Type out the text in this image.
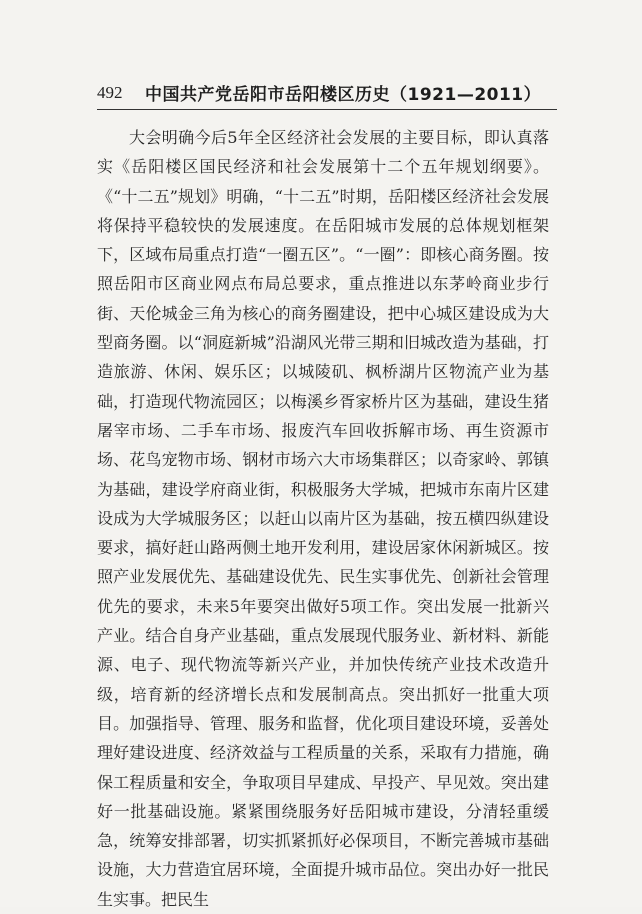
492 中国共产党岳阳市岳阳楼区历史（1921—2011）

大会明确今后5年全区经济社会发展的主要目标，即认真落实《岳阳楼区国民经济和社会发展第十二个五年规划纲要》。《“十二五”规划》明确，“十二五”时期，岳阳楼区经济社会发展将保持平稳较快的发展速度。在岳阳城市发展的总体规划框架下，区域布局重点打造“一圈五区”。“一圈”：即核心商务圈。按照岳阳市区商业网点布局总要求，重点推进以东茅岭商业步行街、天伦城金三角为核心的商务圈建设，把中心城区建设成为大型商务圈。以“洞庭新城”沿湖风光带三期和旧城改造为基础，打造旅游、休闲、娱乐区；以城陵矶、枫桥湖片区物流产业为基础，打造现代物流园区；以梅溪乡胥家桥片区为基础，建设生猪屠宰市场、二手车市场、报废汽车回收拆解市场、再生资源市场、花鸟宠物市场、钢材市场六大市场集群区；以奇家岭、郭镇为基础，建设学府商业街，积极服务大学城，把城市东南片区建设成为大学城服务区；以赶山以南片区为基础，按五横四纵建设要求，搞好赶山路两侧土地开发利用，建设居家休闲新城区。按照产业发展优先、基础建设优先、民生实事优先、创新社会管理优先的要求，未来5年要突出做好5项工作。突出发展一批新兴产业。结合自身产业基础，重点发展现代服务业、新材料、新能源、电子、现代物流等新兴产业，并加快传统产业技术改造升级，培育新的经济增长点和发展制高点。突出抓好一批重大项目。加强指导、管理、服务和监督，优化项目建设环境，妥善处理好建设进度、经济效益与工程质量的关系，采取有力措施，确保工程质量和安全，争取项目早建成、早投产、早见效。突出建好一批基础设施。紧紧围绕服务好岳阳城市建设，分清轻重缓急，统筹安排部署，切实抓紧抓好必保项目，不断完善城市基础设施，大力营造宜居环境，全面提升城市品位。突出办好一批民生实事。把民生
